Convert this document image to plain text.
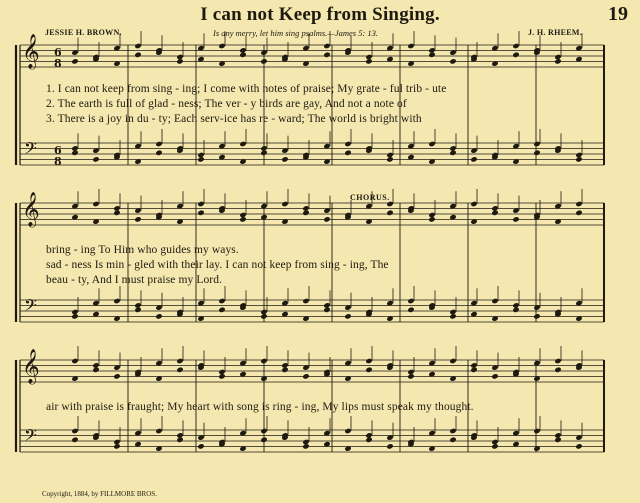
I can not Keep from Singing.	19
JESSIE H. BROWN.	Is any merry, let him sing psalms.—James 5: 13.	J. H. RHEEM.
𝄞
𝄢
6
8
6
8
𝄞
𝄢
𝄞
𝄢
1. I can not keep from sing - ing; I come with notes of praise; My grate - ful trib - ute
2. The earth is full of glad - ness; The ver - y birds are gay, And not a note of
3. There is a joy in du - ty; Each serv-ice has re - ward; The world is bright with
CHORUS.
bring - ing To Him who guides my ways.
sad - ness Is min - gled with their lay. I can not keep from sing - ing, The
beau - ty, And I must praise my Lord.
air with praise is fraught; My heart with song is ring - ing, My lips must speak my thought.
Copyright, 1884, by FILLMORE BROS.
